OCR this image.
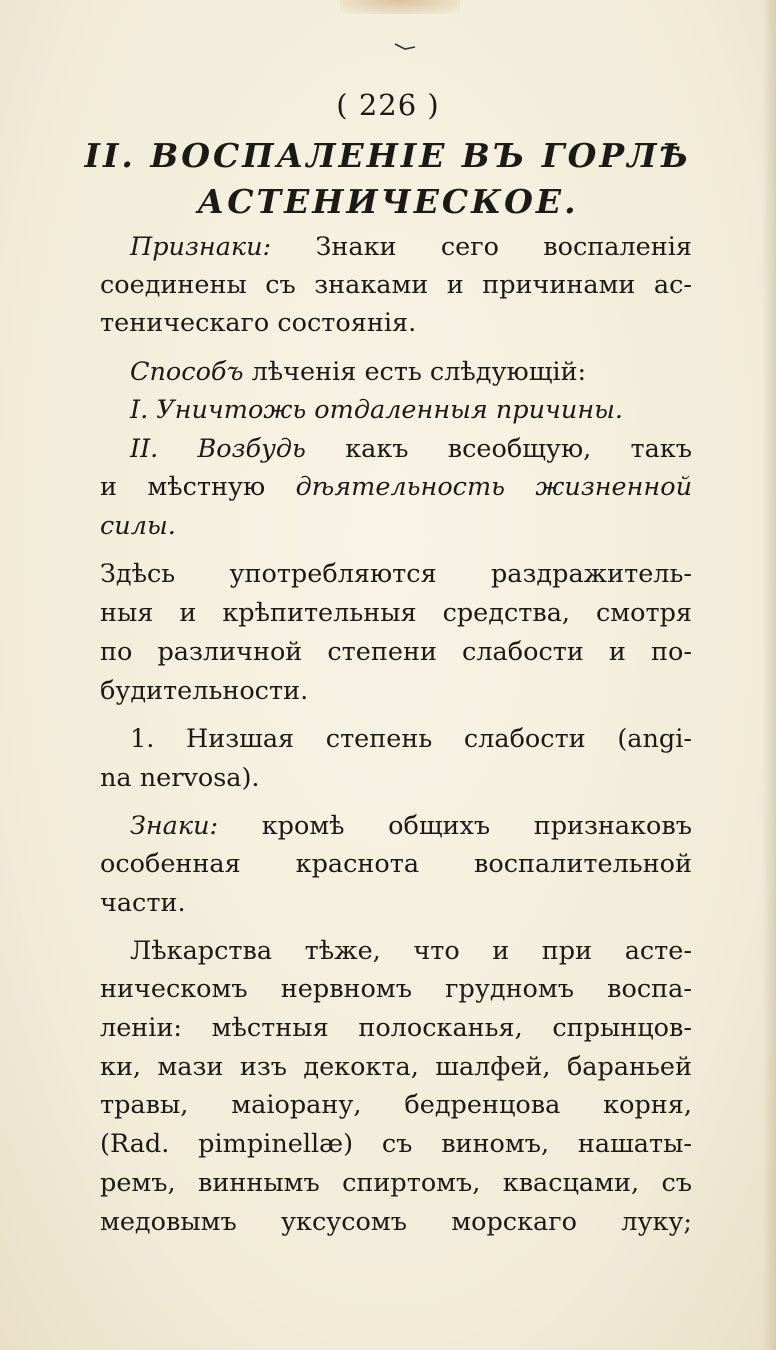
( 226 )
II. ВОСПАЛЕНІЕ ВЪ ГОРЛѢ
АСТЕНИЧЕСКОЕ.
Признаки: Знаки сего воспаленія
соединены съ знаками и причинами ас-
теническаго состоянія.
Способъ лѣченія есть слѣдующій:
I. Уничтожь отдаленныя причины.
II. Возбудь какъ всеобщую, такъ
и мѣстную дѣятельность жизненной
силы.
Здѣсь употребляются раздражитель-
ныя и крѣпительныя средства, смотря
по различной степени слабости и по-
будительности.
1. Низшая степень слабости (angi-
na nervosa).
Знаки: кромѣ общихъ признаковъ
особенная краснота воспалительной
части.
Лѣкарства тѣже, что и при асте-
ническомъ нервномъ грудномъ воспа-
леніи: мѣстныя полосканья, спрынцов-
ки, мази изъ декокта, шалфей, бараньей
травы, маіорану, бедренцова корня,
(Rad. pimpinellæ) съ виномъ, нашаты-
ремъ, виннымъ спиртомъ, квасцами, съ
медовымъ уксусомъ морскаго луку;
